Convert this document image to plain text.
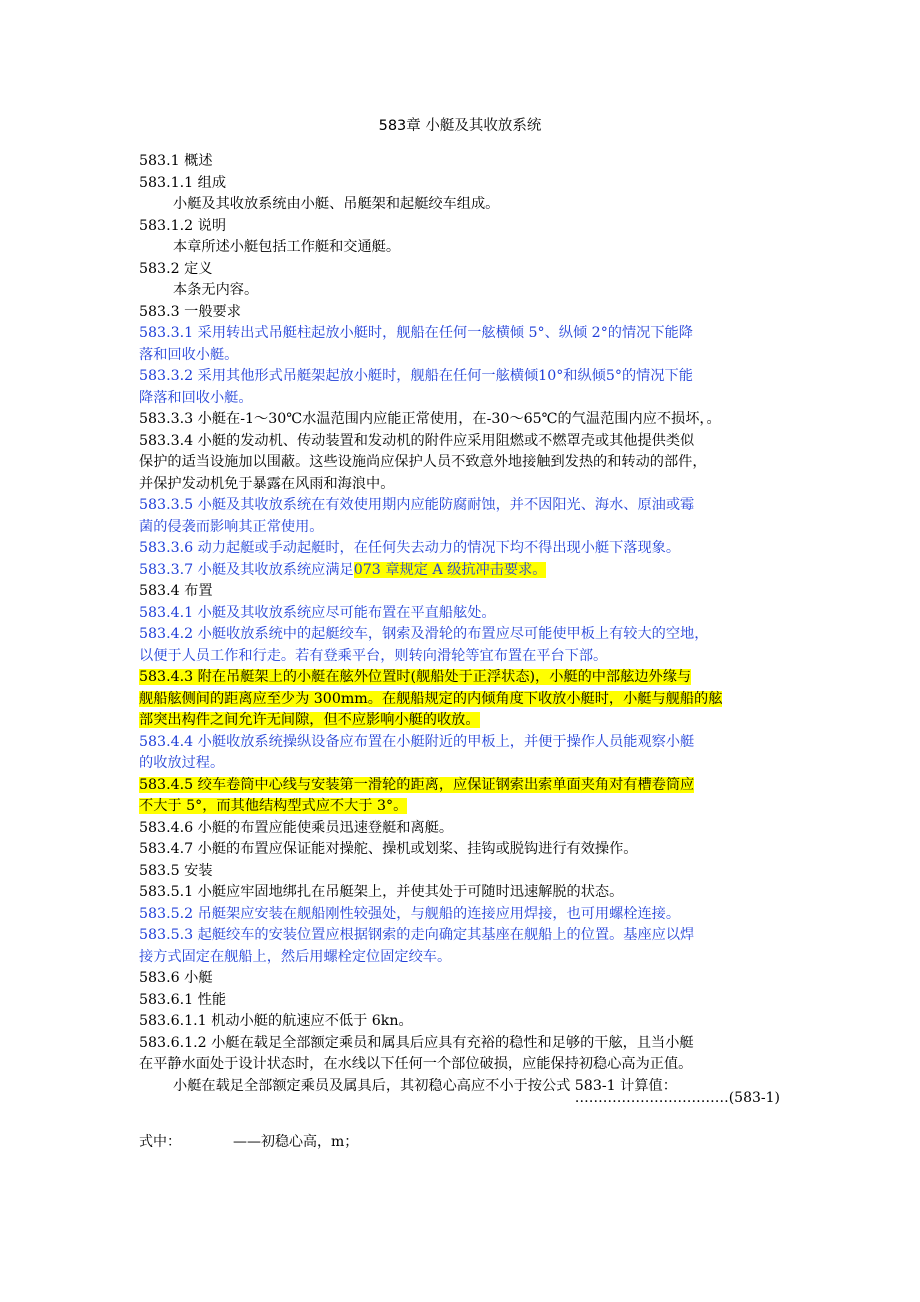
583章 小艇及其收放系统
583.1 概述
583.1.1 组成
小艇及其收放系统由小艇、吊艇架和起艇绞车组成。
583.1.2 说明
本章所述小艇包括工作艇和交通艇。
583.2 定义
本条无内容。
583.3 一般要求
583.3.1 采用转出式吊艇柱起放小艇时，舰船在任何一舷横倾 5°、纵倾 2°的情况下能降
落和回收小艇。
583.3.2 采用其他形式吊艇架起放小艇时，舰船在任何一舷横倾10°和纵倾5°的情况下能
降落和回收小艇。
583.3.3 小艇在-1～30℃水温范围内应能正常使用，在-30～65℃的气温范围内应不损坏，。
583.3.4 小艇的发动机、传动装置和发动机的附件应采用阻燃或不燃罩壳或其他提供类似
保护的适当设施加以围蔽。这些设施尚应保护人员不致意外地接触到发热的和转动的部件，
并保护发动机免于暴露在风雨和海浪中。
583.3.5 小艇及其收放系统在有效使用期内应能防腐耐蚀，并不因阳光、海水、原油或霉
菌的侵袭而影响其正常使用。
583.3.6 动力起艇或手动起艇时，在任何失去动力的情况下均不得出现小艇下落现象。
583.3.7 小艇及其收放系统应满足073 章规定 A 级抗冲击要求。
583.4 布置
583.4.1 小艇及其收放系统应尽可能布置在平直船舷处。
583.4.2 小艇收放系统中的起艇绞车，钢索及滑轮的布置应尽可能使甲板上有较大的空地，
以便于人员工作和行走。若有登乘平台，则转向滑轮等宜布置在平台下部。
583.4.3 附在吊艇架上的小艇在舷外位置时(舰船处于正浮状态)，小艇的中部舷边外缘与
舰船舷侧间的距离应至少为 300mm。在舰船规定的内倾角度下收放小艇时，小艇与舰船的舷
部突出构件之间允许无间隙，但不应影响小艇的收放。
583.4.4 小艇收放系统操纵设备应布置在小艇附近的甲板上，并便于操作人员能观察小艇
的收放过程。
583.4.5 绞车卷筒中心线与安装第一滑轮的距离，应保证钢索出索单面夹角对有槽卷筒应
不大于 5°，而其他结构型式应不大于 3°。
583.4.6 小艇的布置应能使乘员迅速登艇和离艇。
583.4.7 小艇的布置应保证能对操舵、操机或划桨、挂钩或脱钩进行有效操作。
583.5 安装
583.5.1 小艇应牢固地绑扎在吊艇架上，并使其处于可随时迅速解脱的状态。
583.5.2 吊艇架应安装在舰船刚性较强处，与舰船的连接应用焊接，也可用螺栓连接。
583.5.3 起艇绞车的安装位置应根据钢索的走向确定其基座在舰船上的位置。基座应以焊
接方式固定在舰船上，然后用螺栓定位固定绞车。
583.6 小艇
583.6.1 性能
583.6.1.1 机动小艇的航速应不低于 6kn。
583.6.1.2 小艇在载足全部额定乘员和属具后应具有充裕的稳性和足够的干舷，且当小艇
在平静水面处于设计状态时，在水线以下任何一个部位破损，应能保持初稳心高为正值。
小艇在载足全部额定乘员及属具后，其初稳心高应不小于按公式 583-1 计算值：
……………………………(583-1)
式中：	——初稳心高，m；
